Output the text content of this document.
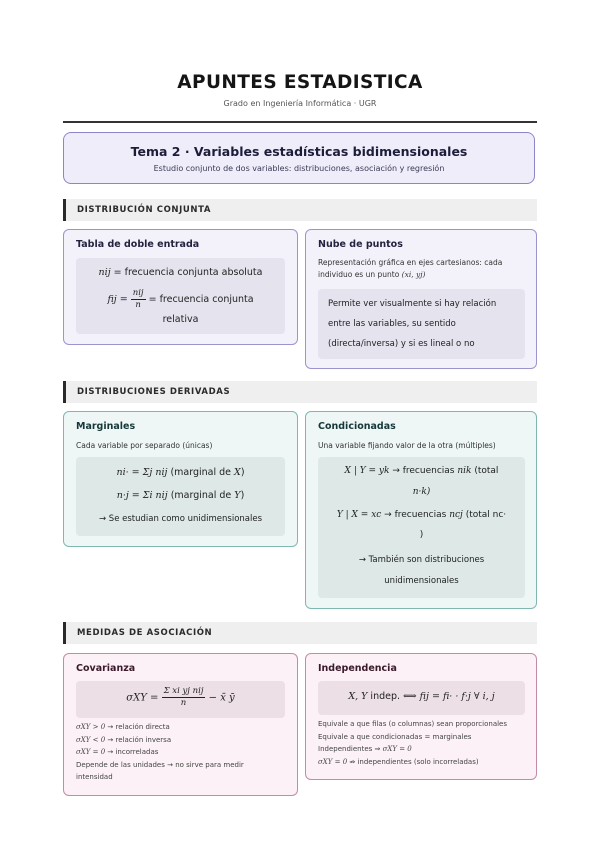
APUNTES ESTADISTICA
Grado en Ingeniería Informática · UGR
Tema 2 · Variables estadísticas bidimensionales
Estudio conjunto de dos variables: distribuciones, asociación y regresión
DISTRIBUCIÓN CONJUNTA
Tabla de doble entrada
nij = frecuencia conjunta absoluta
fij = $\frac{\text{nij}}{n}$ = frecuencia conjunta
relativa
Nube de puntos
Representación gráfica en ejes cartesianos: cada
individuo es un punto (xi, yj)
Permite ver visualmente si hay relación
entre las variables, su sentido
(directa/inversa) y si es lineal o no
DISTRIBUCIONES DERIVADAS
Marginales
Cada variable por separado (únicas)
ni· = Σj nij (marginal de X)
n·j = Σi nij (marginal de Y)
→ Se estudian como unidimensionales
Condicionadas
Una variable fijando valor de la otra (múltiples)
X | Y = yk → frecuencias nik (total
n·k)
Y | X = xc → frecuencias ncj (total nc·
)
→ También son distribuciones
unidimensionales
MEDIDAS DE ASOCIACIÓN
Covarianza
$\sigma XY = \frac{\text{Σ xi yj nij}}{n}$ − x̄ ȳ
σXY > 0 → relación directa
σXY < 0 → relación inversa
σXY = 0 → incorreladas
Depende de las unidades → no sirve para medir
intensidad
Independencia
X, Y indep. ⟺ fij = fi· · f·j ∀ i, j
Equivale a que filas (o columnas) sean proporcionales
Equivale a que condicionadas = marginales
Independientes ⇒ σXY = 0
σXY = 0 ⇏ independientes (solo incorreladas)
